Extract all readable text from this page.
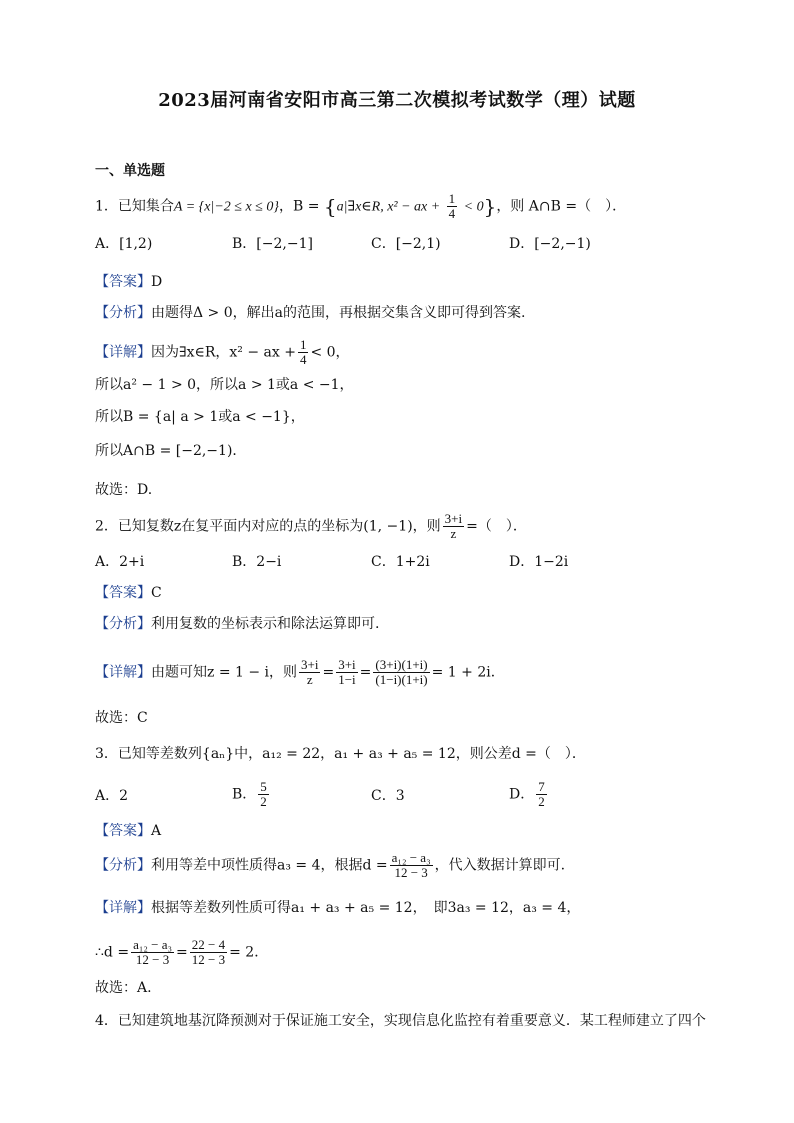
2023届河南省安阳市高三第二次模拟考试数学（理）试题
一、单选题
1．已知集合A = {x|−2 ≤ x ≤ 0}，B = {a|∃x∈R, x² − ax + $\frac{1}{4} < 0$}，则 A∩B =（　）．
A．[1,2)	B．[−2,−1]	C．[−2,1)	D．[−2,−1)
【答案】D
【分析】由题得Δ > 0，解出a的范围，再根据交集含义即可得到答案.
【详解】因为∃x∈R，x² − ax + $\frac{1}{4} < 0$，
所以a² − 1 > 0，所以a > 1或a < −1，
所以B = {a| a > 1或a < −1}，
所以A∩B = [−2,−1)．
故选：D.
2．已知复数z在复平面内对应的点的坐标为(1, −1)，则 $\frac{3+i}{z}$ =（　）．
A．2+i	B．2−i	C．1+2i	D．1−2i
【答案】C
【分析】利用复数的坐标表示和除法运算即可.
【详解】由题可知z = 1 − i，则 $\frac{3+i}{z} = \frac{3+i}{1-i} = \frac{(3+i)(1+i)}{(1-i)(1+i)} = 1 + 2i$．
故选：C
3．已知等差数列{aₙ}中，a₁₂ = 22，a₁ + a₃ + a₅ = 12，则公差d =（　）．
A．2	B． $\frac{5}{2}$	C．3	D． $\frac{7}{2}$
【答案】A
【分析】利用等差中项性质得a₃ = 4，根据$d = \frac{\text{a₁₂ − a₃}}{12 - 3}$ ，代入数据计算即可.
【详解】根据等差数列性质可得a₁ + a₃ + a₅ = 12，　即3a₃ = 12，a₃ = 4，
∴d = $\frac{\text{a₁₂ − a₃}}{12 - 3} = \frac{22 - 4}{12 - 3} = 2$．
故选：A.
4．已知建筑地基沉降预测对于保证施工安全，实现信息化监控有着重要意义．某工程师建立了四个
